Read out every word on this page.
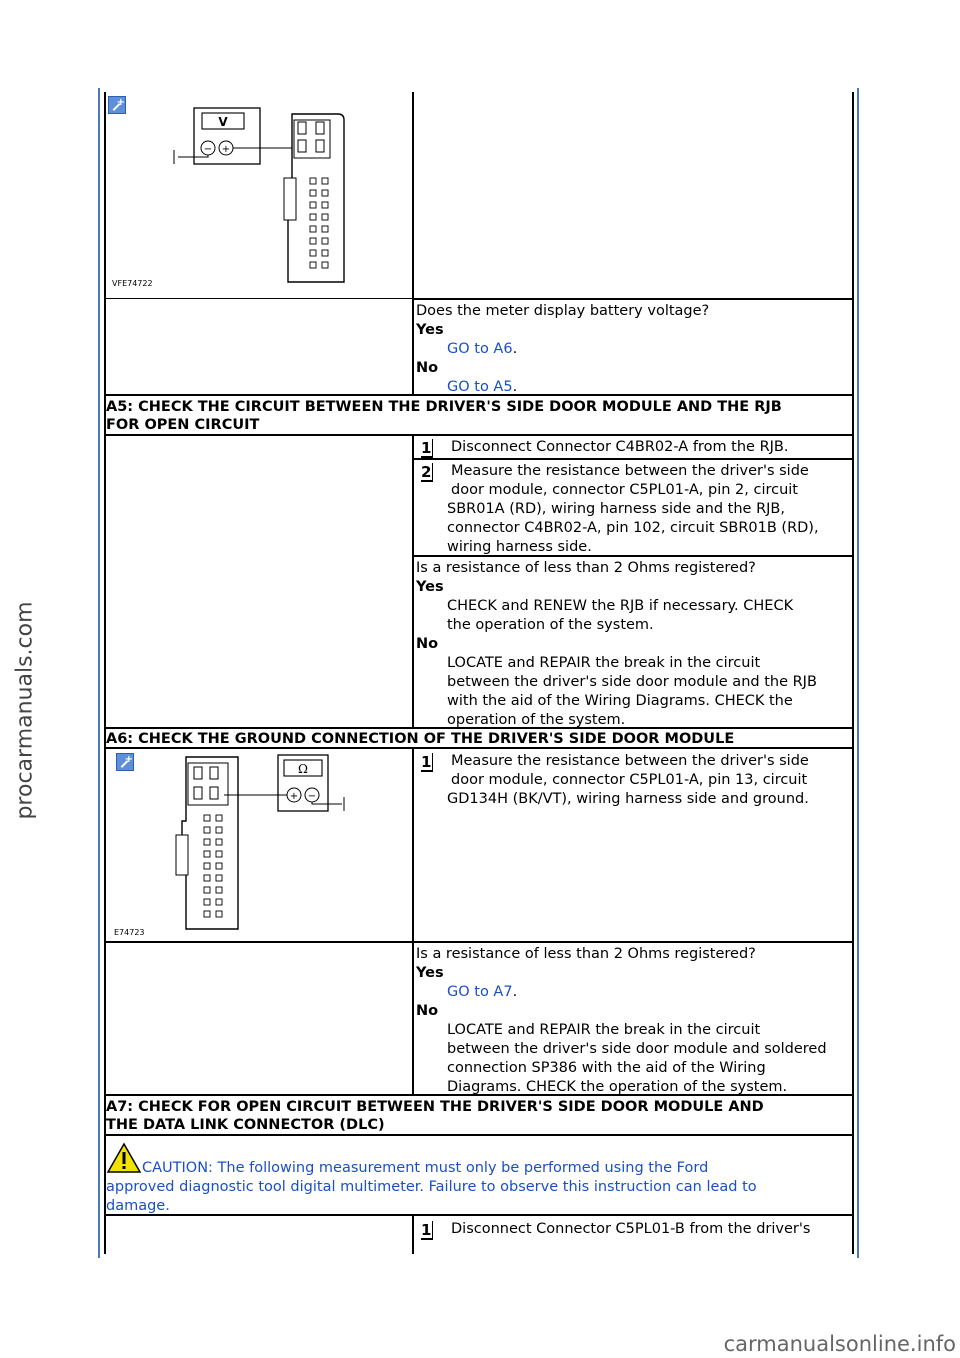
+
V
− +
VFE74722
Does the meter display battery voltage?
Yes
GO to A6.
No
GO to A5.
A5: CHECK THE CIRCUIT BETWEEN THE DRIVER'S SIDE DOOR MODULE AND THE RJB
FOR OPEN CIRCUIT
1 Disconnect Connector C4BR02-A from the RJB.
2 Measure the resistance between the driver's side
door module, connector C5PL01-A, pin 2, circuit
SBR01A (RD), wiring harness side and the RJB,
connector C4BR02-A, pin 102, circuit SBR01B (RD),
wiring harness side.
Is a resistance of less than 2 Ohms registered?
Yes
CHECK and RENEW the RJB if necessary. CHECK
the operation of the system.
No
LOCATE and REPAIR the break in the circuit
between the driver's side door module and the RJB
with the aid of the Wiring Diagrams. CHECK the
operation of the system.
A6: CHECK THE GROUND CONNECTION OF THE DRIVER'S SIDE DOOR MODULE
+
Ω
+ −
E74723
1 Measure the resistance between the driver's side
door module, connector C5PL01-A, pin 13, circuit
GD134H (BK/VT), wiring harness side and ground.
Is a resistance of less than 2 Ohms registered?
Yes
GO to A7.
No
LOCATE and REPAIR the break in the circuit
between the driver's side door module and soldered
connection SP386 with the aid of the Wiring
Diagrams. CHECK the operation of the system.
A7: CHECK FOR OPEN CIRCUIT BETWEEN THE DRIVER'S SIDE DOOR MODULE AND
THE DATA LINK CONNECTOR (DLC)
CAUTION: The following measurement must only be performed using the Ford
approved diagnostic tool digital multimeter. Failure to observe this instruction can lead to
damage.
1 Disconnect Connector C5PL01-B from the driver's
procarmanuals.com
carmanualsonline.info
